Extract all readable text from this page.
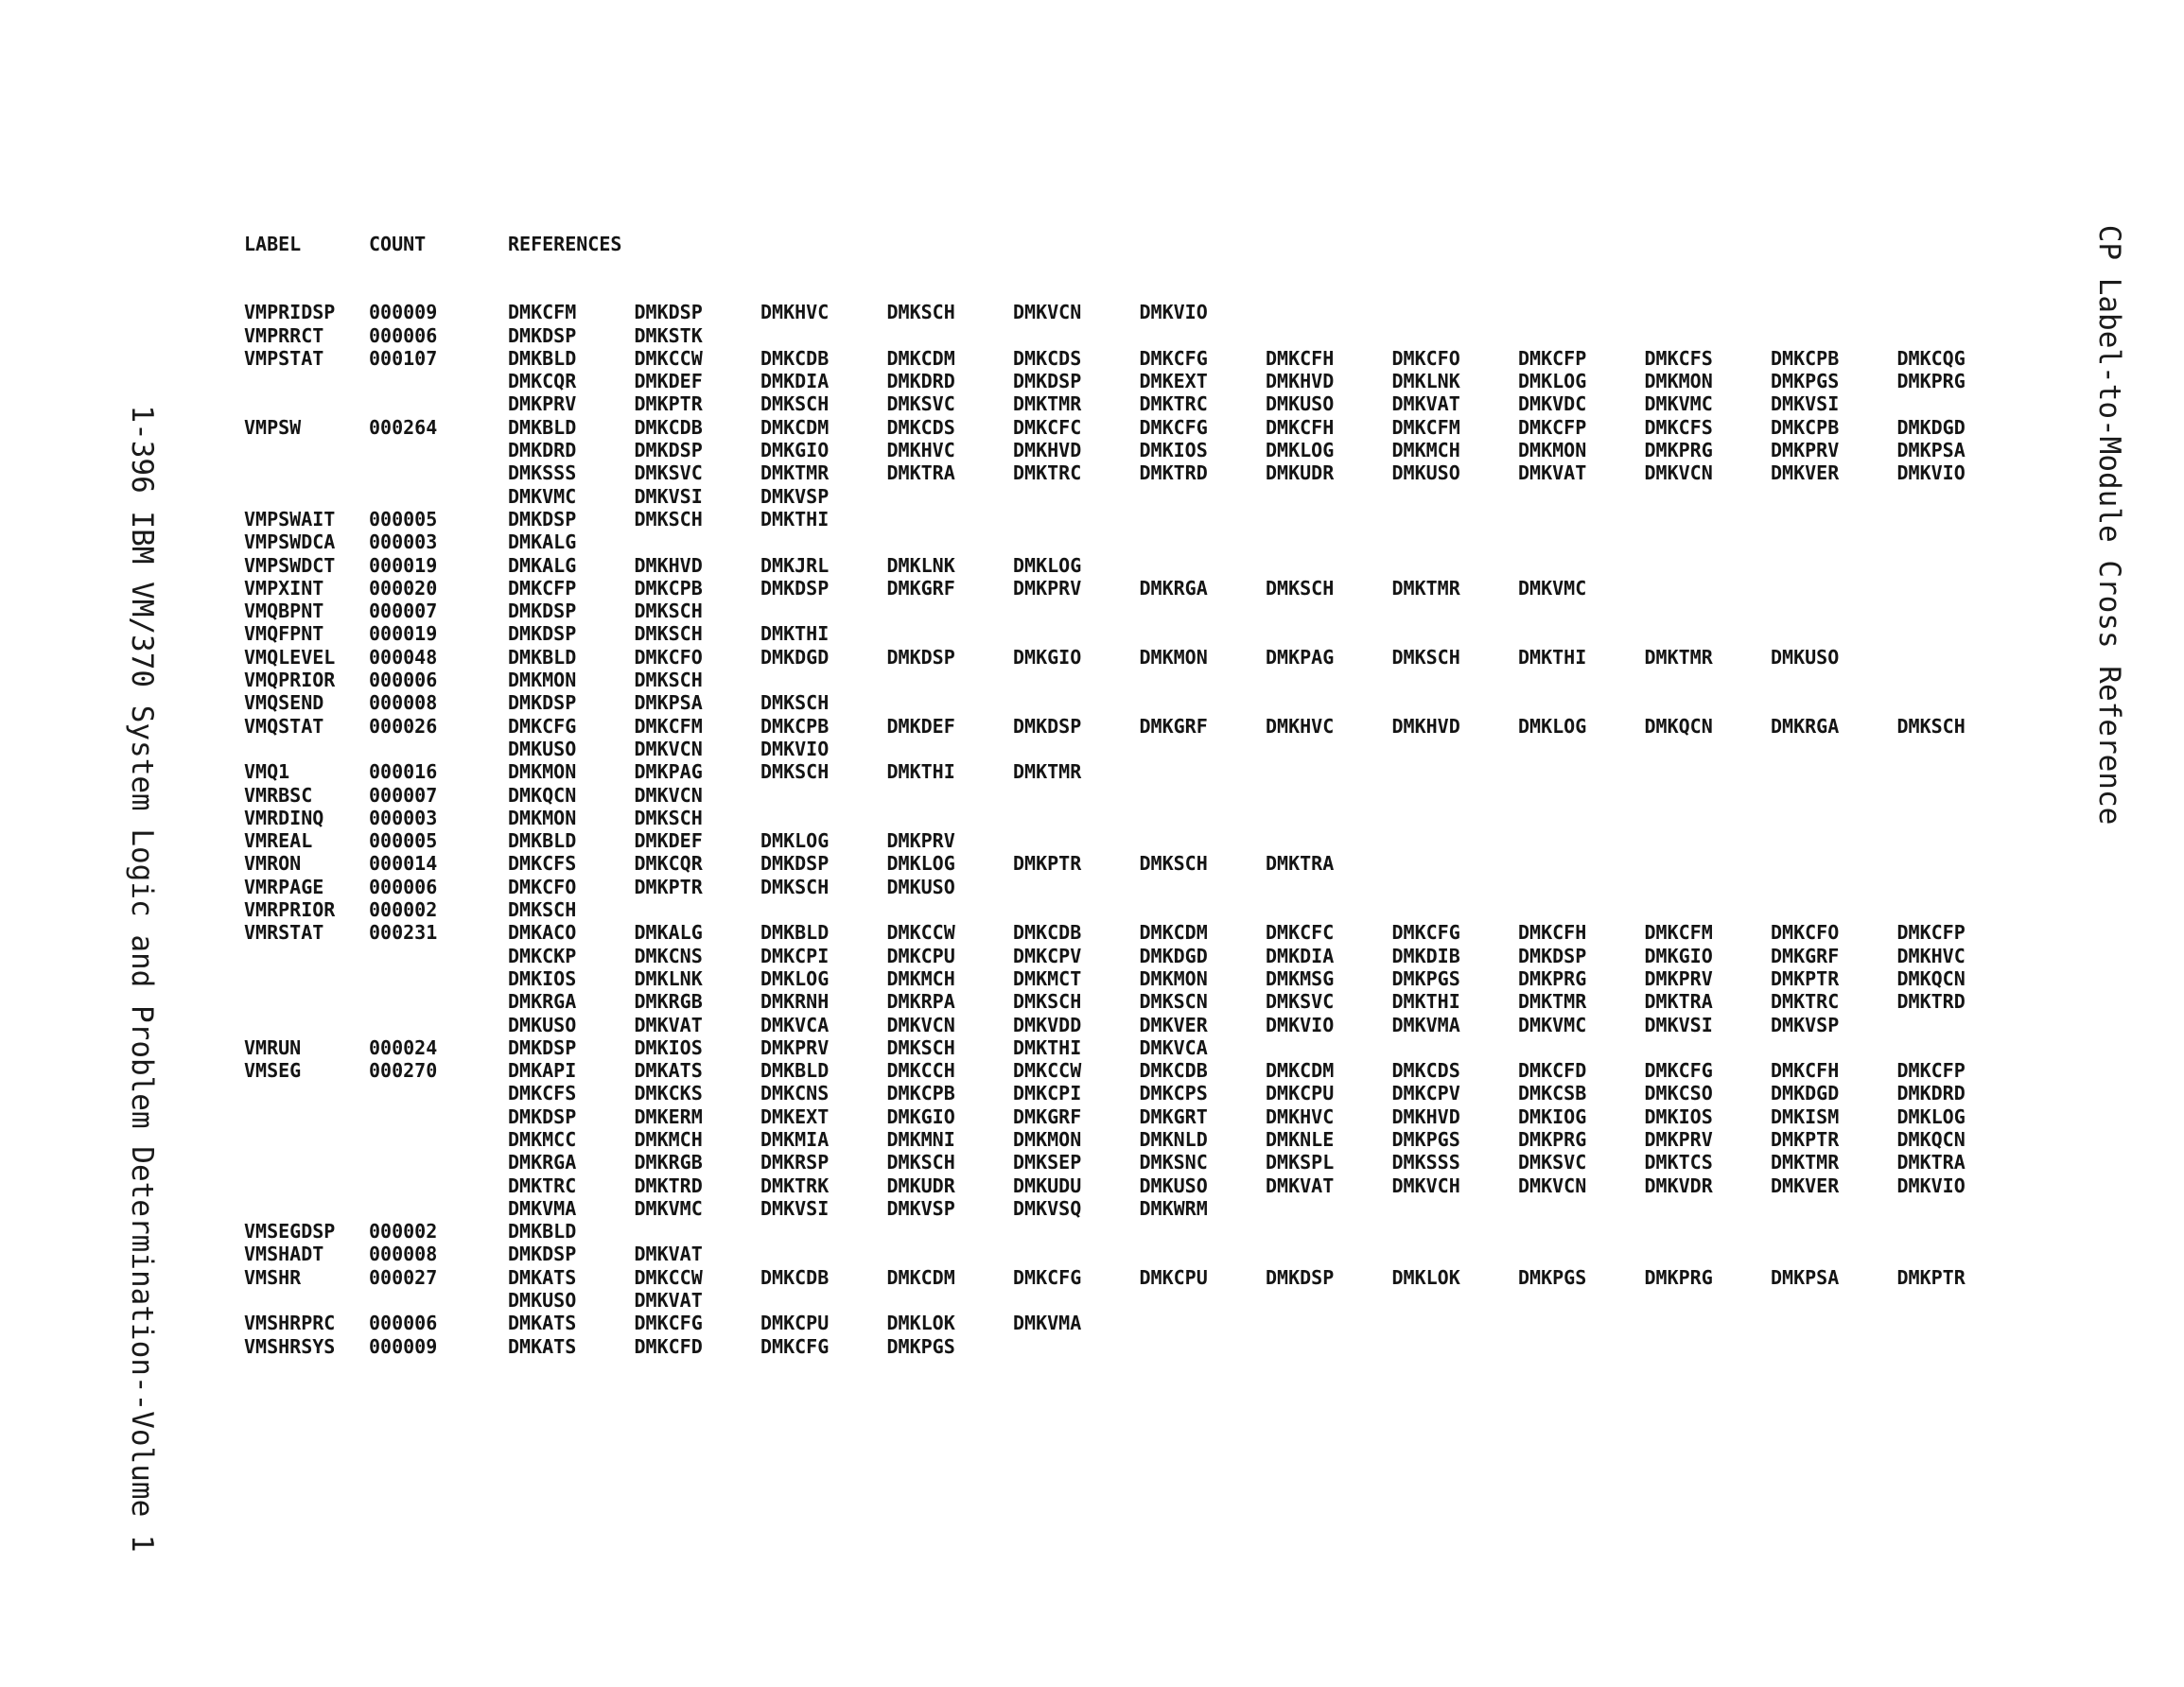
1-396 IBM VM/370 System Logic and Problem Determination--Volume 1	CP Label-to-Module Cross Reference
LABEL	COUNT	REFERENCES
VMPRIDSP	000009	DMKCFM	DMKDSP	DMKHVC	DMKSCH	DMKVCN	DMKVIO
VMPRRCT	000006	DMKDSP	DMKSTK
VMPSTAT	000107	DMKBLD	DMKCCW	DMKCDB	DMKCDM	DMKCDS	DMKCFG	DMKCFH	DMKCFO	DMKCFP	DMKCFS	DMKCPB	DMKCQG
DMKCQR	DMKDEF	DMKDIA	DMKDRD	DMKDSP	DMKEXT	DMKHVD	DMKLNK	DMKLOG	DMKMON	DMKPGS	DMKPRG
DMKPRV	DMKPTR	DMKSCH	DMKSVC	DMKTMR	DMKTRC	DMKUSO	DMKVAT	DMKVDC	DMKVMC	DMKVSI
VMPSW	000264	DMKBLD	DMKCDB	DMKCDM	DMKCDS	DMKCFC	DMKCFG	DMKCFH	DMKCFM	DMKCFP	DMKCFS	DMKCPB	DMKDGD
DMKDRD	DMKDSP	DMKGIO	DMKHVC	DMKHVD	DMKIOS	DMKLOG	DMKMCH	DMKMON	DMKPRG	DMKPRV	DMKPSA
DMKSSS	DMKSVC	DMKTMR	DMKTRA	DMKTRC	DMKTRD	DMKUDR	DMKUSO	DMKVAT	DMKVCN	DMKVER	DMKVIO
DMKVMC	DMKVSI	DMKVSP
VMPSWAIT	000005	DMKDSP	DMKSCH	DMKTHI
VMPSWDCA	000003	DMKALG
VMPSWDCT	000019	DMKALG	DMKHVD	DMKJRL	DMKLNK	DMKLOG
VMPXINT	000020	DMKCFP	DMKCPB	DMKDSP	DMKGRF	DMKPRV	DMKRGA	DMKSCH	DMKTMR	DMKVMC
VMQBPNT	000007	DMKDSP	DMKSCH
VMQFPNT	000019	DMKDSP	DMKSCH	DMKTHI
VMQLEVEL	000048	DMKBLD	DMKCFO	DMKDGD	DMKDSP	DMKGIO	DMKMON	DMKPAG	DMKSCH	DMKTHI	DMKTMR	DMKUSO
VMQPRIOR	000006	DMKMON	DMKSCH
VMQSEND	000008	DMKDSP	DMKPSA	DMKSCH
VMQSTAT	000026	DMKCFG	DMKCFM	DMKCPB	DMKDEF	DMKDSP	DMKGRF	DMKHVC	DMKHVD	DMKLOG	DMKQCN	DMKRGA	DMKSCH
DMKUSO	DMKVCN	DMKVIO
VMQ1	000016	DMKMON	DMKPAG	DMKSCH	DMKTHI	DMKTMR
VMRBSC	000007	DMKQCN	DMKVCN
VMRDINQ	000003	DMKMON	DMKSCH
VMREAL	000005	DMKBLD	DMKDEF	DMKLOG	DMKPRV
VMRON	000014	DMKCFS	DMKCQR	DMKDSP	DMKLOG	DMKPTR	DMKSCH	DMKTRA
VMRPAGE	000006	DMKCFO	DMKPTR	DMKSCH	DMKUSO
VMRPRIOR	000002	DMKSCH
VMRSTAT	000231	DMKACO	DMKALG	DMKBLD	DMKCCW	DMKCDB	DMKCDM	DMKCFC	DMKCFG	DMKCFH	DMKCFM	DMKCFO	DMKCFP
DMKCKP	DMKCNS	DMKCPI	DMKCPU	DMKCPV	DMKDGD	DMKDIA	DMKDIB	DMKDSP	DMKGIO	DMKGRF	DMKHVC
DMKIOS	DMKLNK	DMKLOG	DMKMCH	DMKMCT	DMKMON	DMKMSG	DMKPGS	DMKPRG	DMKPRV	DMKPTR	DMKQCN
DMKRGA	DMKRGB	DMKRNH	DMKRPA	DMKSCH	DMKSCN	DMKSVC	DMKTHI	DMKTMR	DMKTRA	DMKTRC	DMKTRD
DMKUSO	DMKVAT	DMKVCA	DMKVCN	DMKVDD	DMKVER	DMKVIO	DMKVMA	DMKVMC	DMKVSI	DMKVSP
VMRUN	000024	DMKDSP	DMKIOS	DMKPRV	DMKSCH	DMKTHI	DMKVCA
VMSEG	000270	DMKAPI	DMKATS	DMKBLD	DMKCCH	DMKCCW	DMKCDB	DMKCDM	DMKCDS	DMKCFD	DMKCFG	DMKCFH	DMKCFP
DMKCFS	DMKCKS	DMKCNS	DMKCPB	DMKCPI	DMKCPS	DMKCPU	DMKCPV	DMKCSB	DMKCSO	DMKDGD	DMKDRD
DMKDSP	DMKERM	DMKEXT	DMKGIO	DMKGRF	DMKGRT	DMKHVC	DMKHVD	DMKIOG	DMKIOS	DMKISM	DMKLOG
DMKMCC	DMKMCH	DMKMIA	DMKMNI	DMKMON	DMKNLD	DMKNLE	DMKPGS	DMKPRG	DMKPRV	DMKPTR	DMKQCN
DMKRGA	DMKRGB	DMKRSP	DMKSCH	DMKSEP	DMKSNC	DMKSPL	DMKSSS	DMKSVC	DMKTCS	DMKTMR	DMKTRA
DMKTRC	DMKTRD	DMKTRK	DMKUDR	DMKUDU	DMKUSO	DMKVAT	DMKVCH	DMKVCN	DMKVDR	DMKVER	DMKVIO
DMKVMA	DMKVMC	DMKVSI	DMKVSP	DMKVSQ	DMKWRM
VMSEGDSP	000002	DMKBLD
VMSHADT	000008	DMKDSP	DMKVAT
VMSHR	000027	DMKATS	DMKCCW	DMKCDB	DMKCDM	DMKCFG	DMKCPU	DMKDSP	DMKLOK	DMKPGS	DMKPRG	DMKPSA	DMKPTR
DMKUSO	DMKVAT
VMSHRPRC	000006	DMKATS	DMKCFG	DMKCPU	DMKLOK	DMKVMA
VMSHRSYS	000009	DMKATS	DMKCFD	DMKCFG	DMKPGS
